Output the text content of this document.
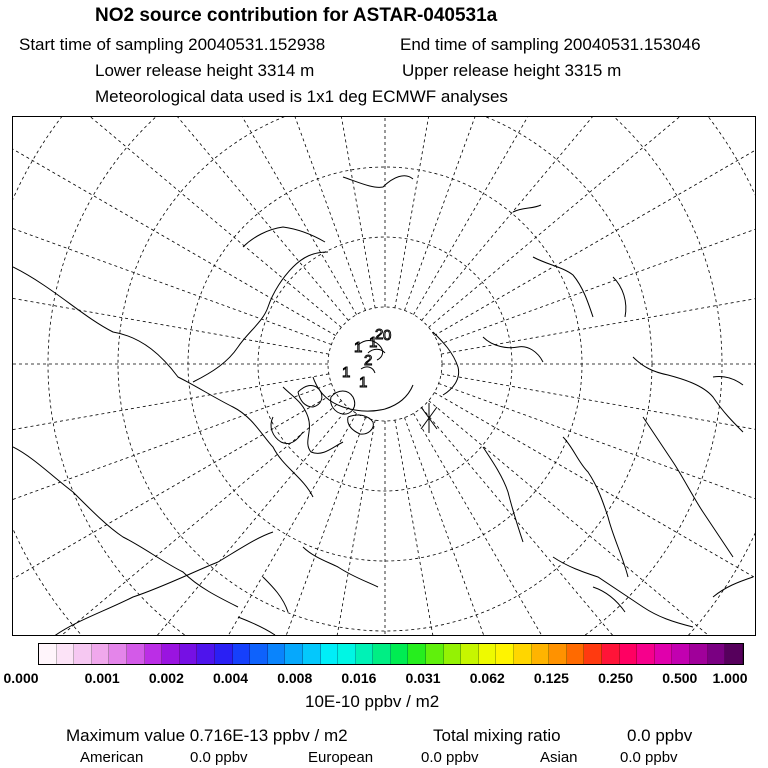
NO2 source contribution for ASTAR-040531a
Start time of sampling 20040531.152938	End time of sampling 20040531.153046
Lower release height 3314 m	Upper release height 3315 m
Meteorological data used is 1x1 deg ECMWF analyses
1 1
2 0
2
1
1
0.000	0.001 0.002 0.004 0.008 0.016 0.031 0.062 0.125 0.250 0.500 1.000
10E-10 ppbv / m2
Maximum value 0.716E-13 ppbv / m2	Total mixing ratio	0.0 ppbv
American	0.0 ppbv	European	0.0 ppbv	Asian	0.0 ppbv
